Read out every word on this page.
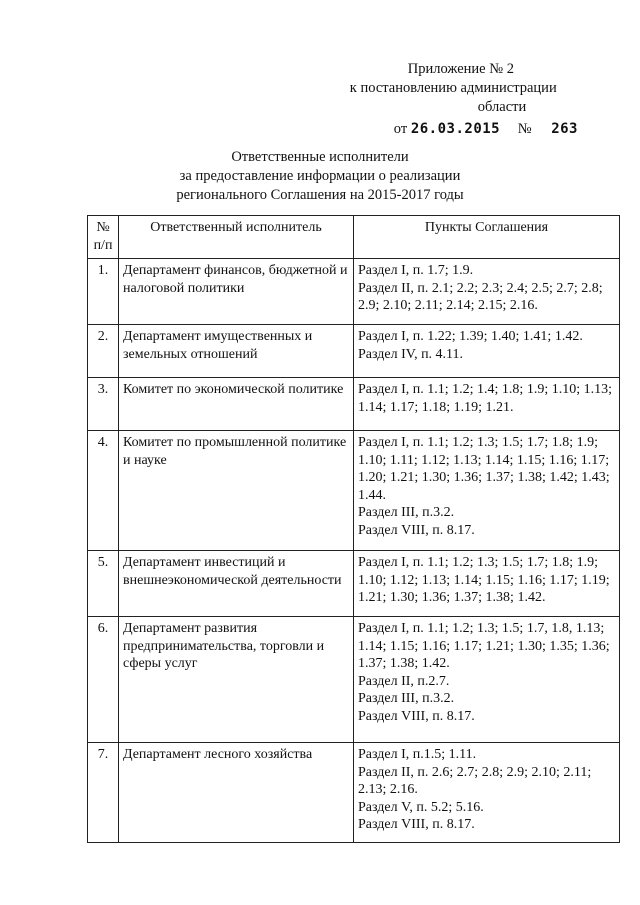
Приложение № 2
к постановлению администрации
области
от 26.03.2015 № 263
Ответственные исполнители
за предоставление информации о реализации
регионального Соглашения на 2015-2017 годы
№ п/п	Ответственный исполнитель	Пункты Соглашения
1.	Департамент финансов, бюджетной и налоговой политики	Раздел I, п. 1.7; 1.9.
Раздел II, п. 2.1; 2.2; 2.3; 2.4; 2.5; 2.7; 2.8; 2.9; 2.10; 2.11; 2.14; 2.15; 2.16.

2.	Департамент имущественных и земельных отношений	Раздел I, п. 1.22; 1.39; 1.40; 1.41; 1.42.
Раздел IV, п. 4.11.

3.	Комитет по экономической политике	Раздел I, п. 1.1; 1.2; 1.4; 1.8; 1.9; 1.10; 1.13; 1.14; 1.17; 1.18; 1.19; 1.21.

4.	Комитет по промышленной политике и науке	Раздел I, п. 1.1; 1.2; 1.3; 1.5; 1.7; 1.8; 1.9; 1.10; 1.11; 1.12; 1.13; 1.14; 1.15; 1.16; 1.17; 1.20; 1.21; 1.30; 1.36; 1.37; 1.38; 1.42; 1.43; 1.44.
Раздел III, п.3.2.
Раздел VIII, п. 8.17.

5.	Департамент инвестиций и внешнеэкономической деятельности	Раздел I, п. 1.1; 1.2; 1.3; 1.5; 1.7; 1.8; 1.9; 1.10; 1.12; 1.13; 1.14; 1.15; 1.16; 1.17; 1.19; 1.21; 1.30; 1.36; 1.37; 1.38; 1.42.

6.	Департамент развития предпринимательства, торговли и сферы услуг	Раздел I, п. 1.1; 1.2; 1.3; 1.5; 1.7, 1.8, 1.13; 1.14; 1.15; 1.16; 1.17; 1.21; 1.30; 1.35; 1.36; 1.37; 1.38; 1.42.
Раздел II, п.2.7.
Раздел III, п.3.2.
Раздел VIII, п. 8.17.

7.	Департамент лесного хозяйства	Раздел I, п.1.5; 1.11.
Раздел II, п. 2.6; 2.7; 2.8; 2.9; 2.10; 2.11; 2.13; 2.16.
Раздел V, п. 5.2; 5.16.
Раздел VIII, п. 8.17.
